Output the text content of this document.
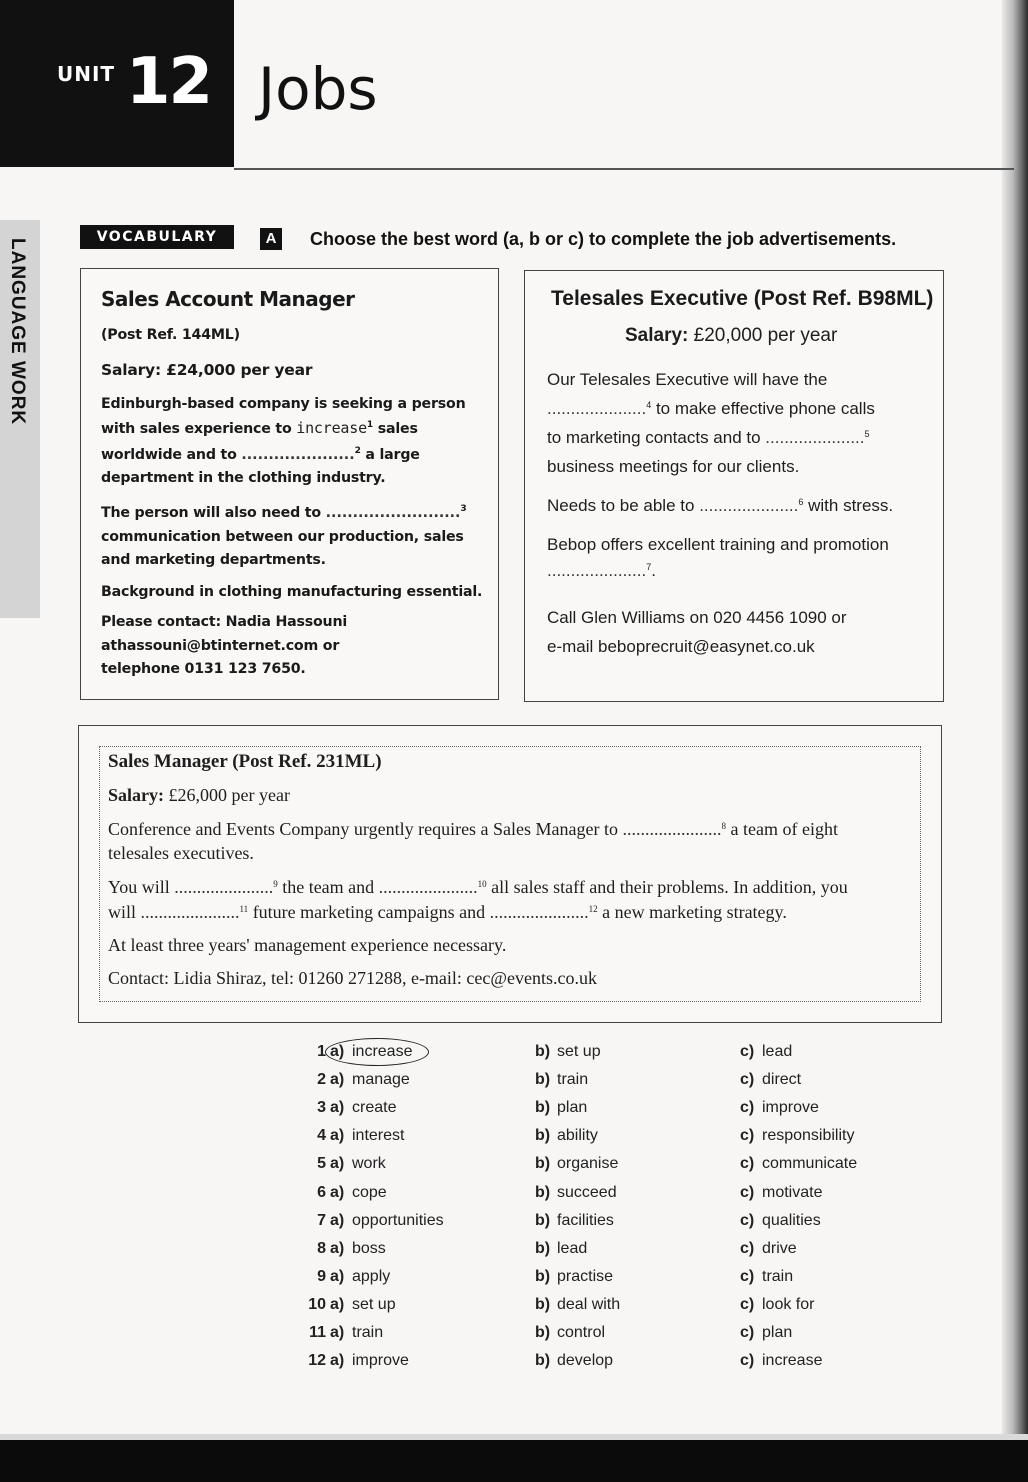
UNIT 12 Jobs
LANGUAGE WORK
VOCABULARY	A	Choose the best word (a, b or c) to complete the job advertisements.
Sales Account Manager
(Post Ref. 144ML)
Salary: £24,000 per year
Edinburgh-based company is seeking a person
with sales experience to increase$^1$ sales
worldwide and to .....................$^2$ a large
department in the clothing industry.
The person will also need to .........................$^3$
communication between our production, sales
and marketing departments.
Background in clothing manufacturing essential.
Please contact: Nadia Hassouni
athassouni@btinternet.com or
telephone 0131 123 7650.
Telesales Executive (Post Ref. B98ML)
Salary: £20,000 per year
Our Telesales Executive will have the
.....................$^4$ to make effective phone calls
to marketing contacts and to .....................$^5$
business meetings for our clients.
Needs to be able to .....................$^6$ with stress.
Bebop offers excellent training and promotion
.....................$^7$.
Call Glen Williams on 020 4456 1090 or
e-mail beboprecruit@easynet.co.uk
Sales Manager (Post Ref. 231ML)
Salary: £26,000 per year
Conference and Events Company urgently requires a Sales Manager to ......................$^8$ a team of eight
telesales executives.
You will ......................$^9$ the team and ......................$^{10}$ all sales staff and their problems. In addition, you
will ......................$^{11}$ future marketing campaigns and ......................$^{12}$ a new marketing strategy.
At least three years' management experience necessary.
Contact: Lidia Shiraz, tel: 01260 271288, e-mail: cec@events.co.uk
1 a) increase	b) set up	c) lead
2 a) manage	b) train	c) direct
3 a) create	b) plan	c) improve
4 a) interest	b) ability	c) responsibility
5 a) work	b) organise	c) communicate
6 a) cope	b) succeed	c) motivate
7 a) opportunities	b) facilities	c) qualities
8 a) boss	b) lead	c) drive
9 a) apply	b) practise	c) train
10 a) set up	b) deal with	c) look for
11 a) train	b) control	c) plan
12 a) improve	b) develop	c) increase
